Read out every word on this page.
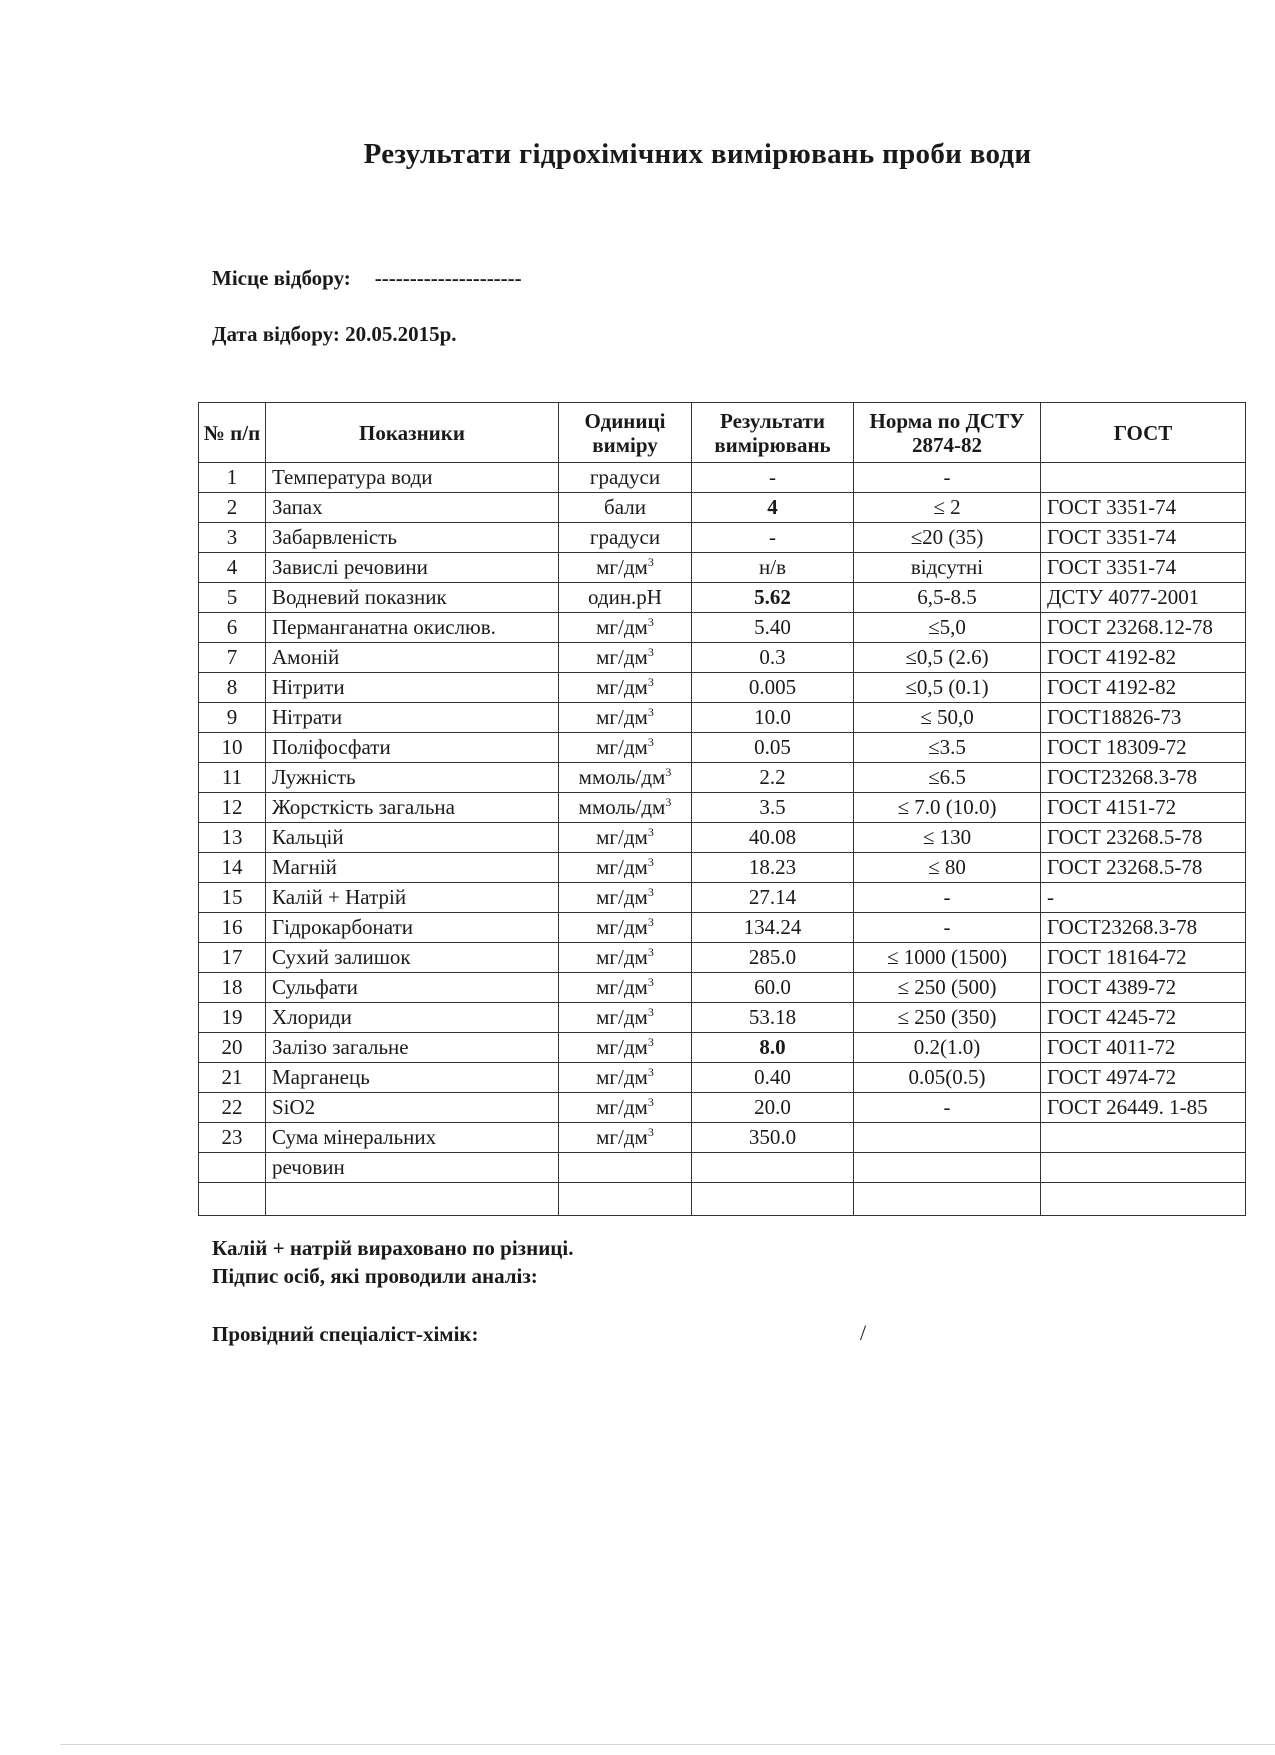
Результати гідрохімічних вимірювань проби води
Місце відбору: ---------------------
Дата відбору: 20.05.2015р.
№ п/п	Показники	Одиниці виміру	Результати вимірювань	Норма по ДСТУ 2874-82	ГОСТ
1	Температура води	градуси	-	-	
2	Запах	бали	4	≤ 2	ГОСТ 3351-74
3	Забарвленість	градуси	-	≤20 (35)	ГОСТ 3351-74
4	Завислі речовини	$мг/дм^3$	н/в	відсутні	ГОСТ 3351-74
5	Водневий показник	один.рН	5.62	6,5-8.5	ДСТУ 4077-2001
6	Перманганатна окислюв.	$мг/дм^3$	5.40	≤5,0	ГОСТ 23268.12-78
7	Амоній	$мг/дм^3$	0.3	≤0,5 (2.6)	ГОСТ 4192-82
8	Нітрити	$мг/дм^3$	0.005	≤0,5 (0.1)	ГОСТ 4192-82
9	Нітрати	$мг/дм^3$	10.0	≤ 50,0	ГОСТ18826-73
10	Поліфосфати	$мг/дм^3$	0.05	≤3.5	ГОСТ 18309-72
11	Лужність	ммоль/$дм^3$	2.2	≤6.5	ГОСТ23268.3-78
12	Жорсткість загальна	ммоль/$дм^3$	3.5	≤ 7.0 (10.0)	ГОСТ 4151-72
13	Кальцій	$мг/дм^3$	40.08	≤ 130	ГОСТ 23268.5-78
14	Магній	$мг/дм^3$	18.23	≤ 80	ГОСТ 23268.5-78
15	Калій + Натрій	$мг/дм^3$	27.14	-	-
16	Гідрокарбонати	$мг/дм^3$	134.24	-	ГОСТ23268.3-78
17	Сухий залишок	$мг/дм^3$	285.0	≤ 1000 (1500)	ГОСТ 18164-72
18	Сульфати	$мг/дм^3$	60.0	≤ 250 (500)	ГОСТ 4389-72
19	Хлориди	$мг/дм^3$	53.18	≤ 250 (350)	ГОСТ 4245-72
20	Залізо загальне	$мг/дм^3$	8.0	0.2(1.0)	ГОСТ 4011-72
21	Марганець	$мг/дм^3$	0.40	0.05(0.5)	ГОСТ 4974-72
22	SiO2	$мг/дм^3$	20.0	-	ГОСТ 26449. 1-85
23	Сума мінеральних	$мг/дм^3$	350.0		
	речовин				

Калій + натрій вираховано по різниці.
Підпис осіб, які проводили аналіз:
Провідний спеціаліст-хімік:	/
